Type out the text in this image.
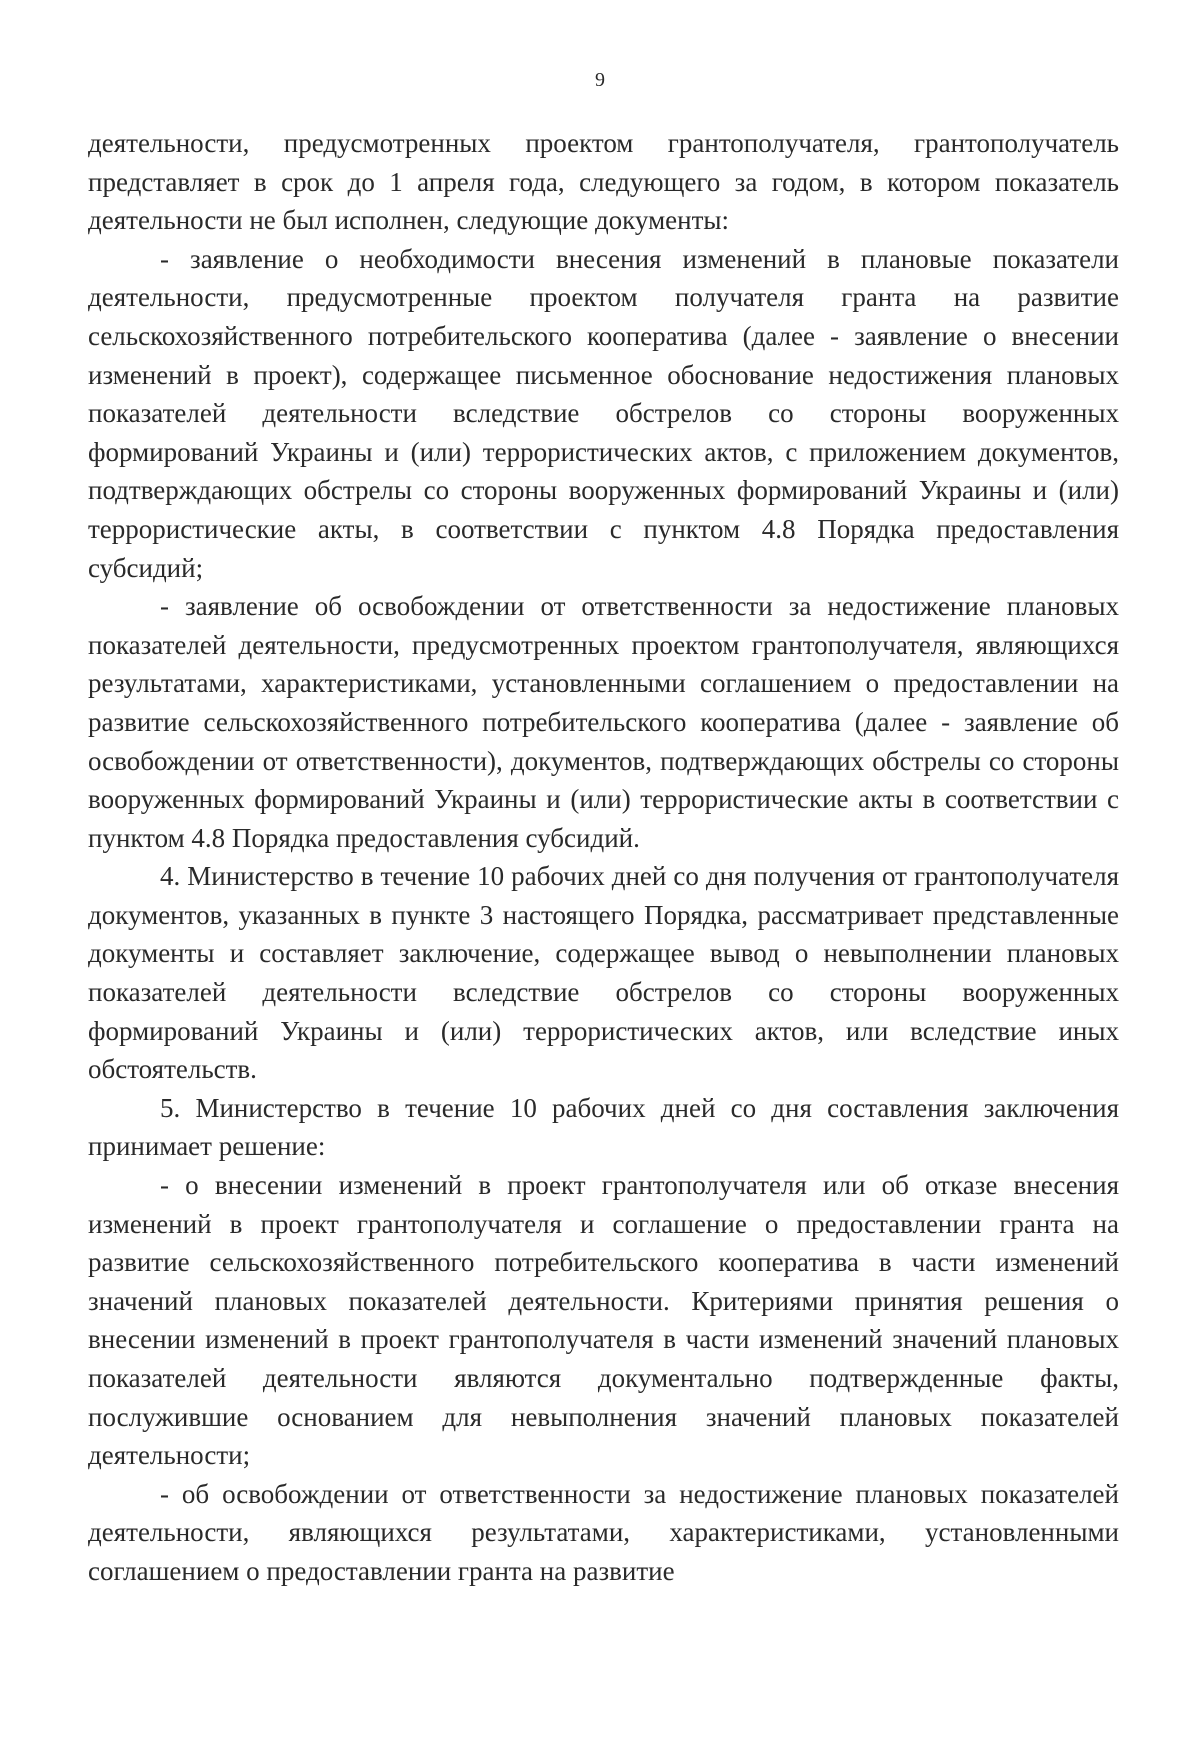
9

деятельности, предусмотренных проектом грантополучателя, грантополучатель представляет в срок до 1 апреля года, следующего за годом, в котором показатель деятельности не был исполнен, следующие документы:

- заявление о необходимости внесения изменений в плановые показатели деятельности, предусмотренные проектом получателя гранта на развитие сельскохозяйственного потребительского кооператива (далее - заявление о внесении изменений в проект), содержащее письменное обоснование недостижения плановых показателей деятельности вследствие обстрелов со стороны вооруженных формирований Украины и (или) террористических актов, с приложением документов, подтверждающих обстрелы со стороны вооруженных формирований Украины и (или) террористические акты, в соответствии с пунктом 4.8 Порядка предоставления субсидий;

- заявление об освобождении от ответственности за недостижение плановых показателей деятельности, предусмотренных проектом грантополучателя, являющихся результатами, характеристиками, установленными соглашением о предоставлении на развитие сельскохозяйственного потребительского кооператива (далее - заявление об освобождении от ответственности), документов, подтверждающих обстрелы со стороны вооруженных формирований Украины и (или) террористические акты в соответствии с пунктом 4.8 Порядка предоставления субсидий.

4. Министерство в течение 10 рабочих дней со дня получения от грантополучателя документов, указанных в пункте 3 настоящего Порядка, рассматривает представленные документы и составляет заключение, содержащее вывод о невыполнении плановых показателей деятельности вследствие обстрелов со стороны вооруженных формирований Украины и (или) террористических актов, или вследствие иных обстоятельств.

5. Министерство в течение 10 рабочих дней со дня составления заключения принимает решение:

- о внесении изменений в проект грантополучателя или об отказе внесения изменений в проект грантополучателя и соглашение о предоставлении гранта на развитие сельскохозяйственного потребительского кооператива в части изменений значений плановых показателей деятельности. Критериями принятия решения о внесении изменений в проект грантополучателя в части изменений значений плановых показателей деятельности являются документально подтвержденные факты, послужившие основанием для невыполнения значений плановых показателей деятельности;

- об освобождении от ответственности за недостижение плановых показателей деятельности, являющихся результатами, характеристиками, установленными соглашением о предоставлении гранта на развитие
